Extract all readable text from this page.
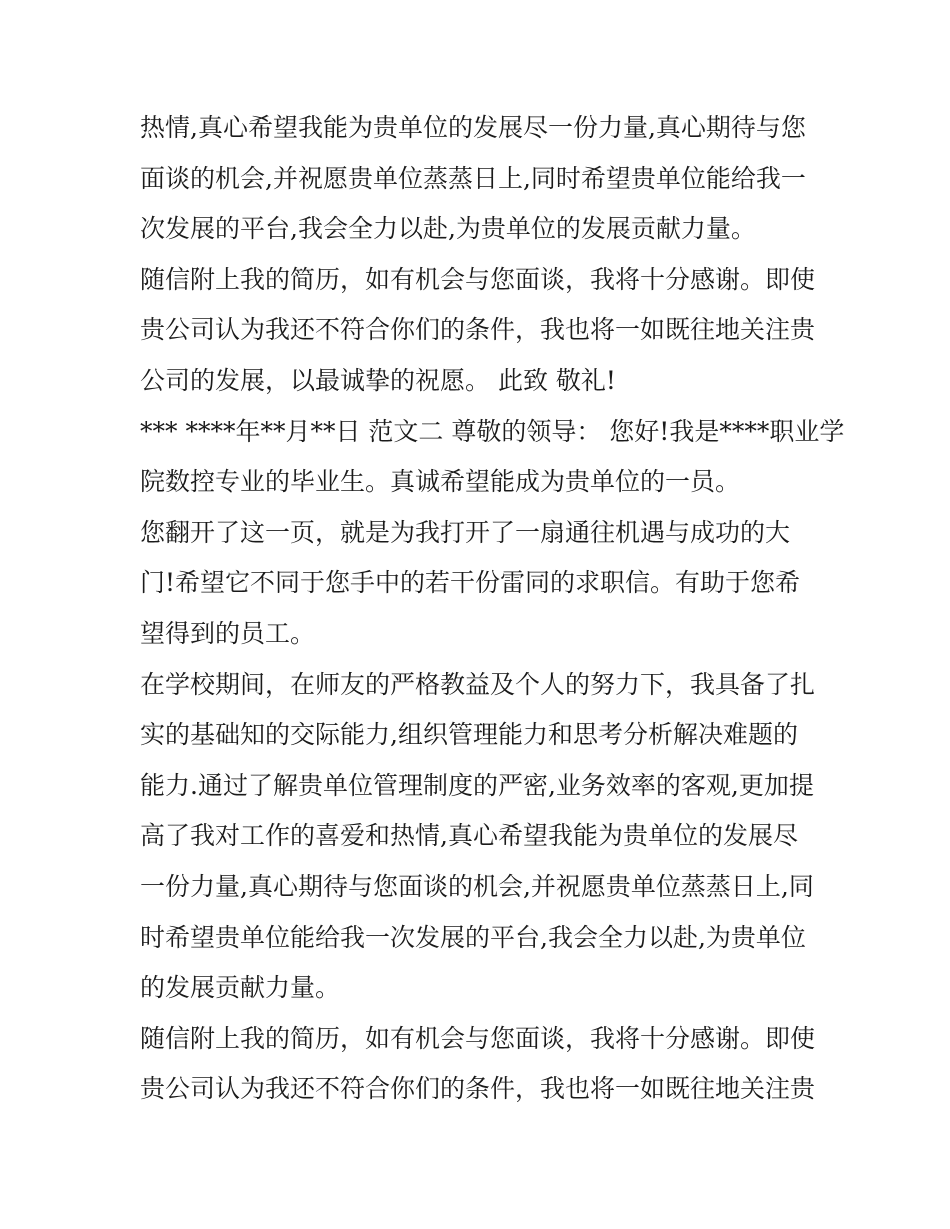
热情,真心希望我能为贵单位的发展尽一份力量,真心期待与您
面谈的机会,并祝愿贵单位蒸蒸日上,同时希望贵单位能给我一
次发展的平台,我会全力以赴,为贵单位的发展贡献力量。
随信附上我的简历，如有机会与您面谈，我将十分感谢。即使
贵公司认为我还不符合你们的条件，我也将一如既往地关注贵
公司的发展，以最诚挚的祝愿。 此致 敬礼!
*** ****年**月**日 范文二 尊敬的领导： 您好!我是****职业学
院数控专业的毕业生。真诚希望能成为贵单位的一员。
您翻开了这一页，就是为我打开了一扇通往机遇与成功的大
门!希望它不同于您手中的若干份雷同的求职信。有助于您希
望得到的员工。
在学校期间，在师友的严格教益及个人的努力下，我具备了扎
实的基础知的交际能力,组织管理能力和思考分析解决难题的
能力.通过了解贵单位管理制度的严密,业务效率的客观,更加提
高了我对工作的喜爱和热情,真心希望我能为贵单位的发展尽
一份力量,真心期待与您面谈的机会,并祝愿贵单位蒸蒸日上,同
时希望贵单位能给我一次发展的平台,我会全力以赴,为贵单位
的发展贡献力量。
随信附上我的简历，如有机会与您面谈，我将十分感谢。即使
贵公司认为我还不符合你们的条件，我也将一如既往地关注贵
